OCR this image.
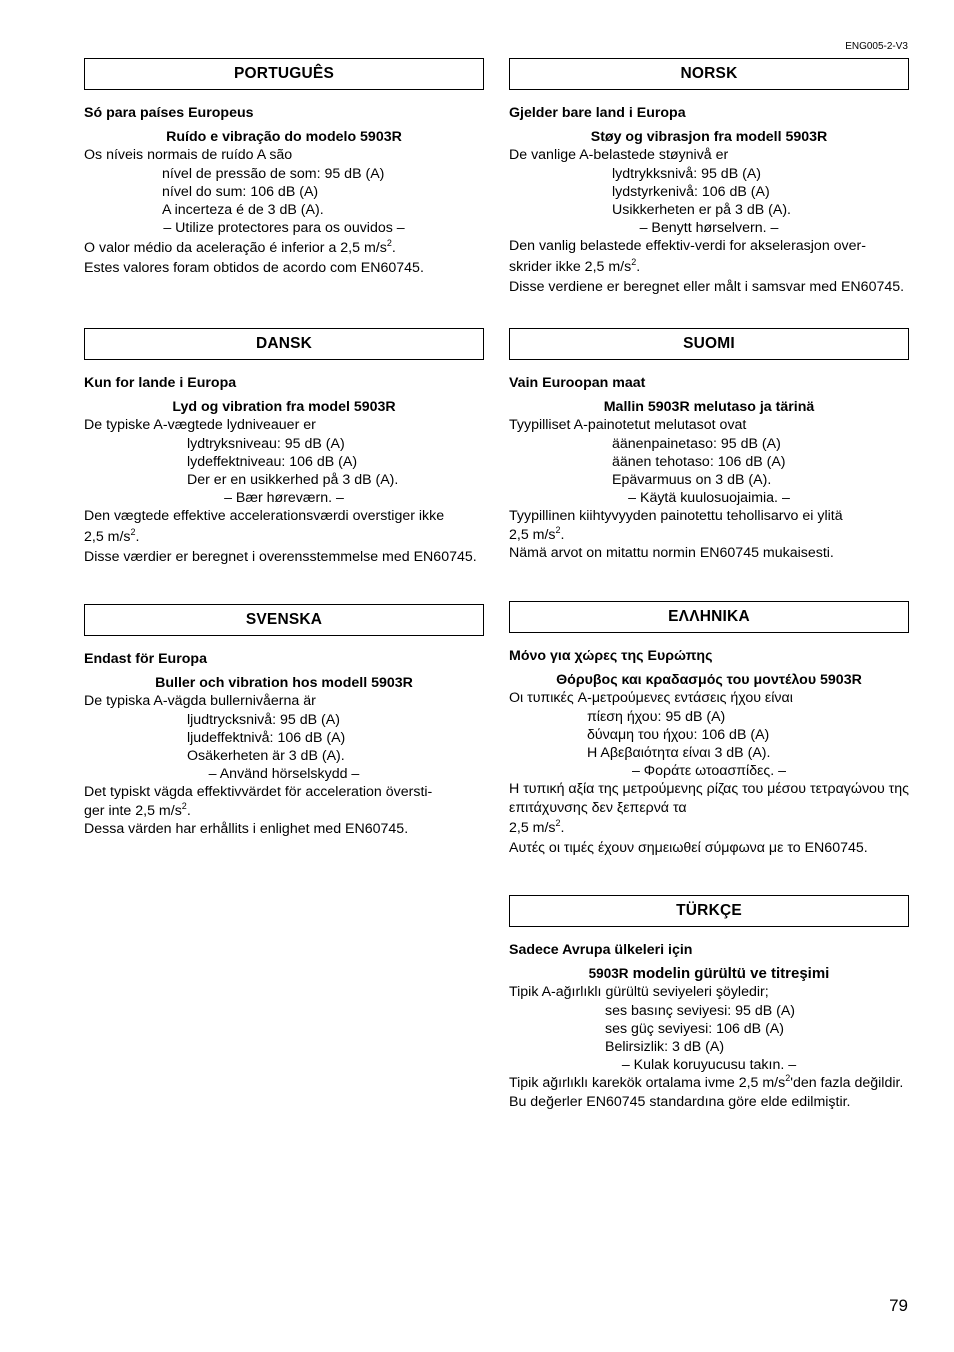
ENG005-2-V3
PORTUGUÊS
Só para países Europeus
Ruído e vibração do modelo 5903R
Os níveis normais de ruído A são
nível de pressão de som: 95 dB (A)
nível do sum: 106 dB (A)
A incerteza é de 3 dB (A).
– Utilize protectores para os ouvidos –
O valor médio da aceleração é inferior a 2,5 $m/s^2$.
Estes valores foram obtidos de acordo com EN60745.
NORSK
Gjelder bare land i Europa
Støy og vibrasjon fra modell 5903R
De vanlige A-belastede støynivå er
lydtrykksnivå: 95 dB (A)
lydstyrkenivå: 106 dB (A)
Usikkerheten er på 3 dB (A).
– Benytt hørselvern. –
Den vanlig belastede effektiv-verdi for akselerasjon over-
skrider ikke 2,5 $m/s^2$.
Disse verdiene er beregnet eller målt i samsvar med EN60745.
DANSK
Kun for lande i Europa
Lyd og vibration fra model 5903R
De typiske A-vægtede lydniveauer er
lydtryksniveau: 95 dB (A)
lydeffektniveau: 106 dB (A)
Der er en usikkerhed på 3 dB (A).
– Bær høreværn. –
Den vægtede effektive accelerationsværdi overstiger ikke
2,5 $m/s^2$.
Disse værdier er beregnet i overensstemmelse med EN60745.
SUOMI
Vain Euroopan maat
Mallin 5903R melutaso ja tärinä
Tyypilliset A-painotetut melutasot ovat
äänenpainetaso: 95 dB (A)
äänen tehotaso: 106 dB (A)
Epävarmuus on 3 dB (A).
– Käytä kuulosuojaimia. –
Tyypillinen kiihtyvyyden painotettu tehollisarvo ei ylitä
2,5 $m/s^2$.
Nämä arvot on mitattu normin EN60745 mukaisesti.
SVENSKA
Endast för Europa
Buller och vibration hos modell 5903R
De typiska A-vägda bullernivåerna är
ljudtrycksnivå: 95 dB (A)
ljudeffektnivå: 106 dB (A)
Osäkerheten är 3 dB (A).
– Använd hörselskydd –
Det typiskt vägda effektivvärdet för acceleration översti-
ger inte 2,5 $m/s^2$.
Dessa värden har erhållits i enlighet med EN60745.
ΕΛΛΗΝΙΚΑ
Μόνο για χώρες της Ευρώπης
Θόρυβος και κραδασμός του μοντέλου 5903R
Οι τυπικές A-μετρούμενες εντάσεις ήχου είναι
πίεση ήχου: 95 dB (A)
δύναμη του ήχου: 106 dB (A)
Η Αβεβαιότητα είναι 3 dB (A).
– Φοράτε ωτοασπίδες. –
Η τυπική αξία της μετρούμενης ρίζας του μέσου τετραγώνου της επιτάχυνσης δεν ξεπερνά τα
2,5 $m/s^2$.
Αυτές οι τιμές έχουν σημειωθεί σύμφωνα με το EN60745.
TÜRKÇE
Sadece Avrupa ülkeleri için
5903R modelin gürültü ve titreşimi
Tipik A-ağırlıklı gürültü seviyeleri şöyledir;
ses basınç seviyesi: 95 dB (A)
ses güç seviyesi: 106 dB (A)
Belirsizlik: 3 dB (A)
– Kulak koruyucusu takın. –
Tipik ağırlıklı karekök ortalama ivme 2,5 $m/s^2'den$ fazla değildir.
Bu değerler EN60745 standardına göre elde edilmiştir.
79
